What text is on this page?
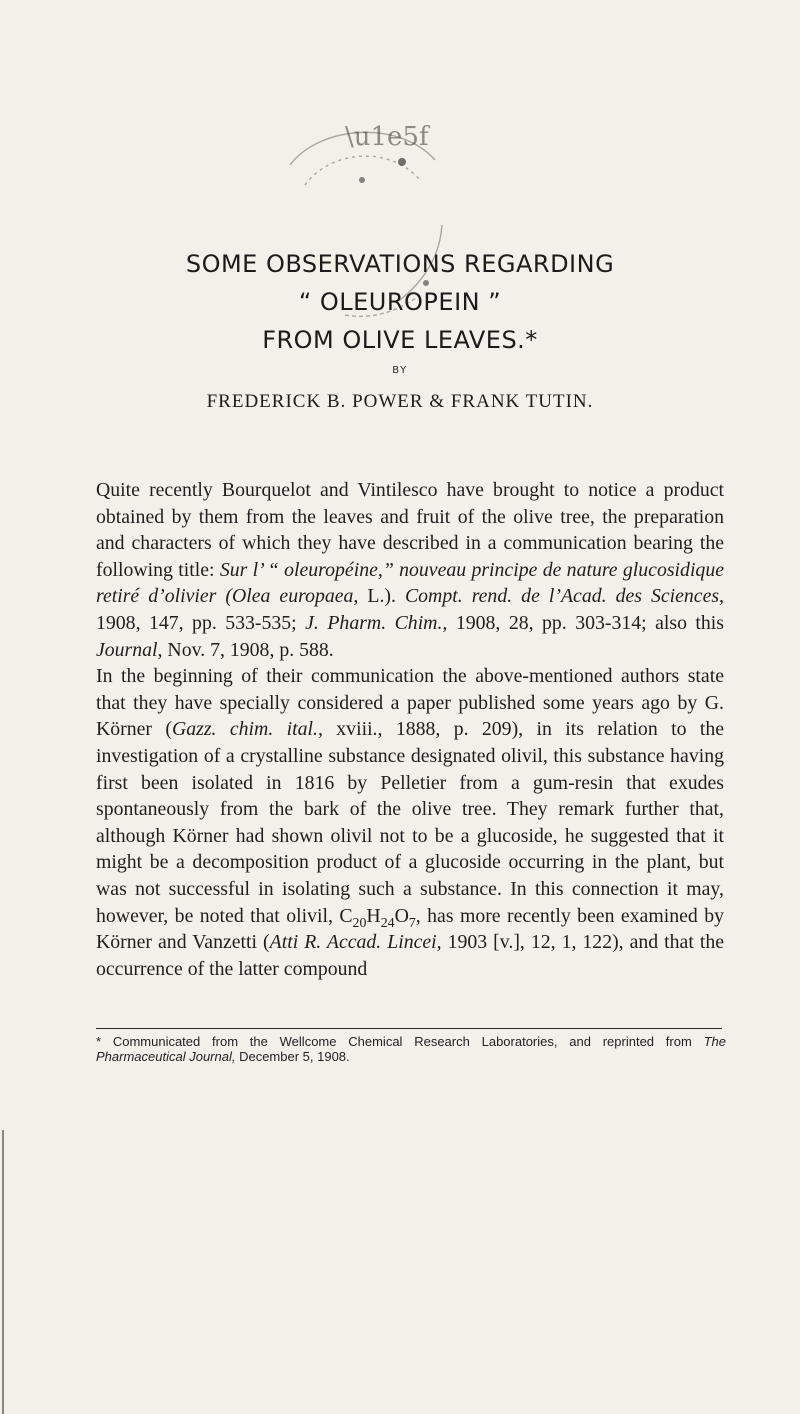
\u1e5f
SOME OBSERVATIONS REGARDING
“ OLEUROPEIN ”
FROM OLIVE LEAVES.*
BY
FREDERICK B. POWER & FRANK TUTIN.

Quite recently Bourquelot and Vintilesco have brought to notice a product obtained by them from the leaves and fruit of the olive tree, the preparation and characters of which they have described in a communication bearing the following title: Sur l’ “ oleuropéine,” nouveau principe de nature glucosidique retiré d’olivier (Olea europaea, L.). Compt. rend. de l’Acad. des Sciences, 1908, 147, pp. 533-535; J. Pharm. Chim., 1908, 28, pp. 303-314; also this Journal, Nov. 7, 1908, p. 588.

In the beginning of their communication the above-mentioned authors state that they have specially considered a paper published some years ago by G. Körner (Gazz. chim. ital., xviii., 1888, p. 209), in its relation to the investigation of a crystalline substance designated olivil, this substance having first been isolated in 1816 by Pelletier from a gum-resin that exudes spontaneously from the bark of the olive tree. They remark further that, although Körner had shown olivil not to be a glucoside, he suggested that it might be a decomposition product of a glucoside occurring in the plant, but was not successful in isolating such a substance. In this connection it may, however, be noted that olivil, $C_{20}H_{24}O_7$, has more recently been examined by Körner and Vanzetti (Atti R. Accad. Lincei, 1903 [v.], 12, 1, 122), and that the occurrence of the latter compound

* Communicated from the Wellcome Chemical Research Laboratories, and reprinted from The Pharmaceutical Journal, December 5, 1908.
